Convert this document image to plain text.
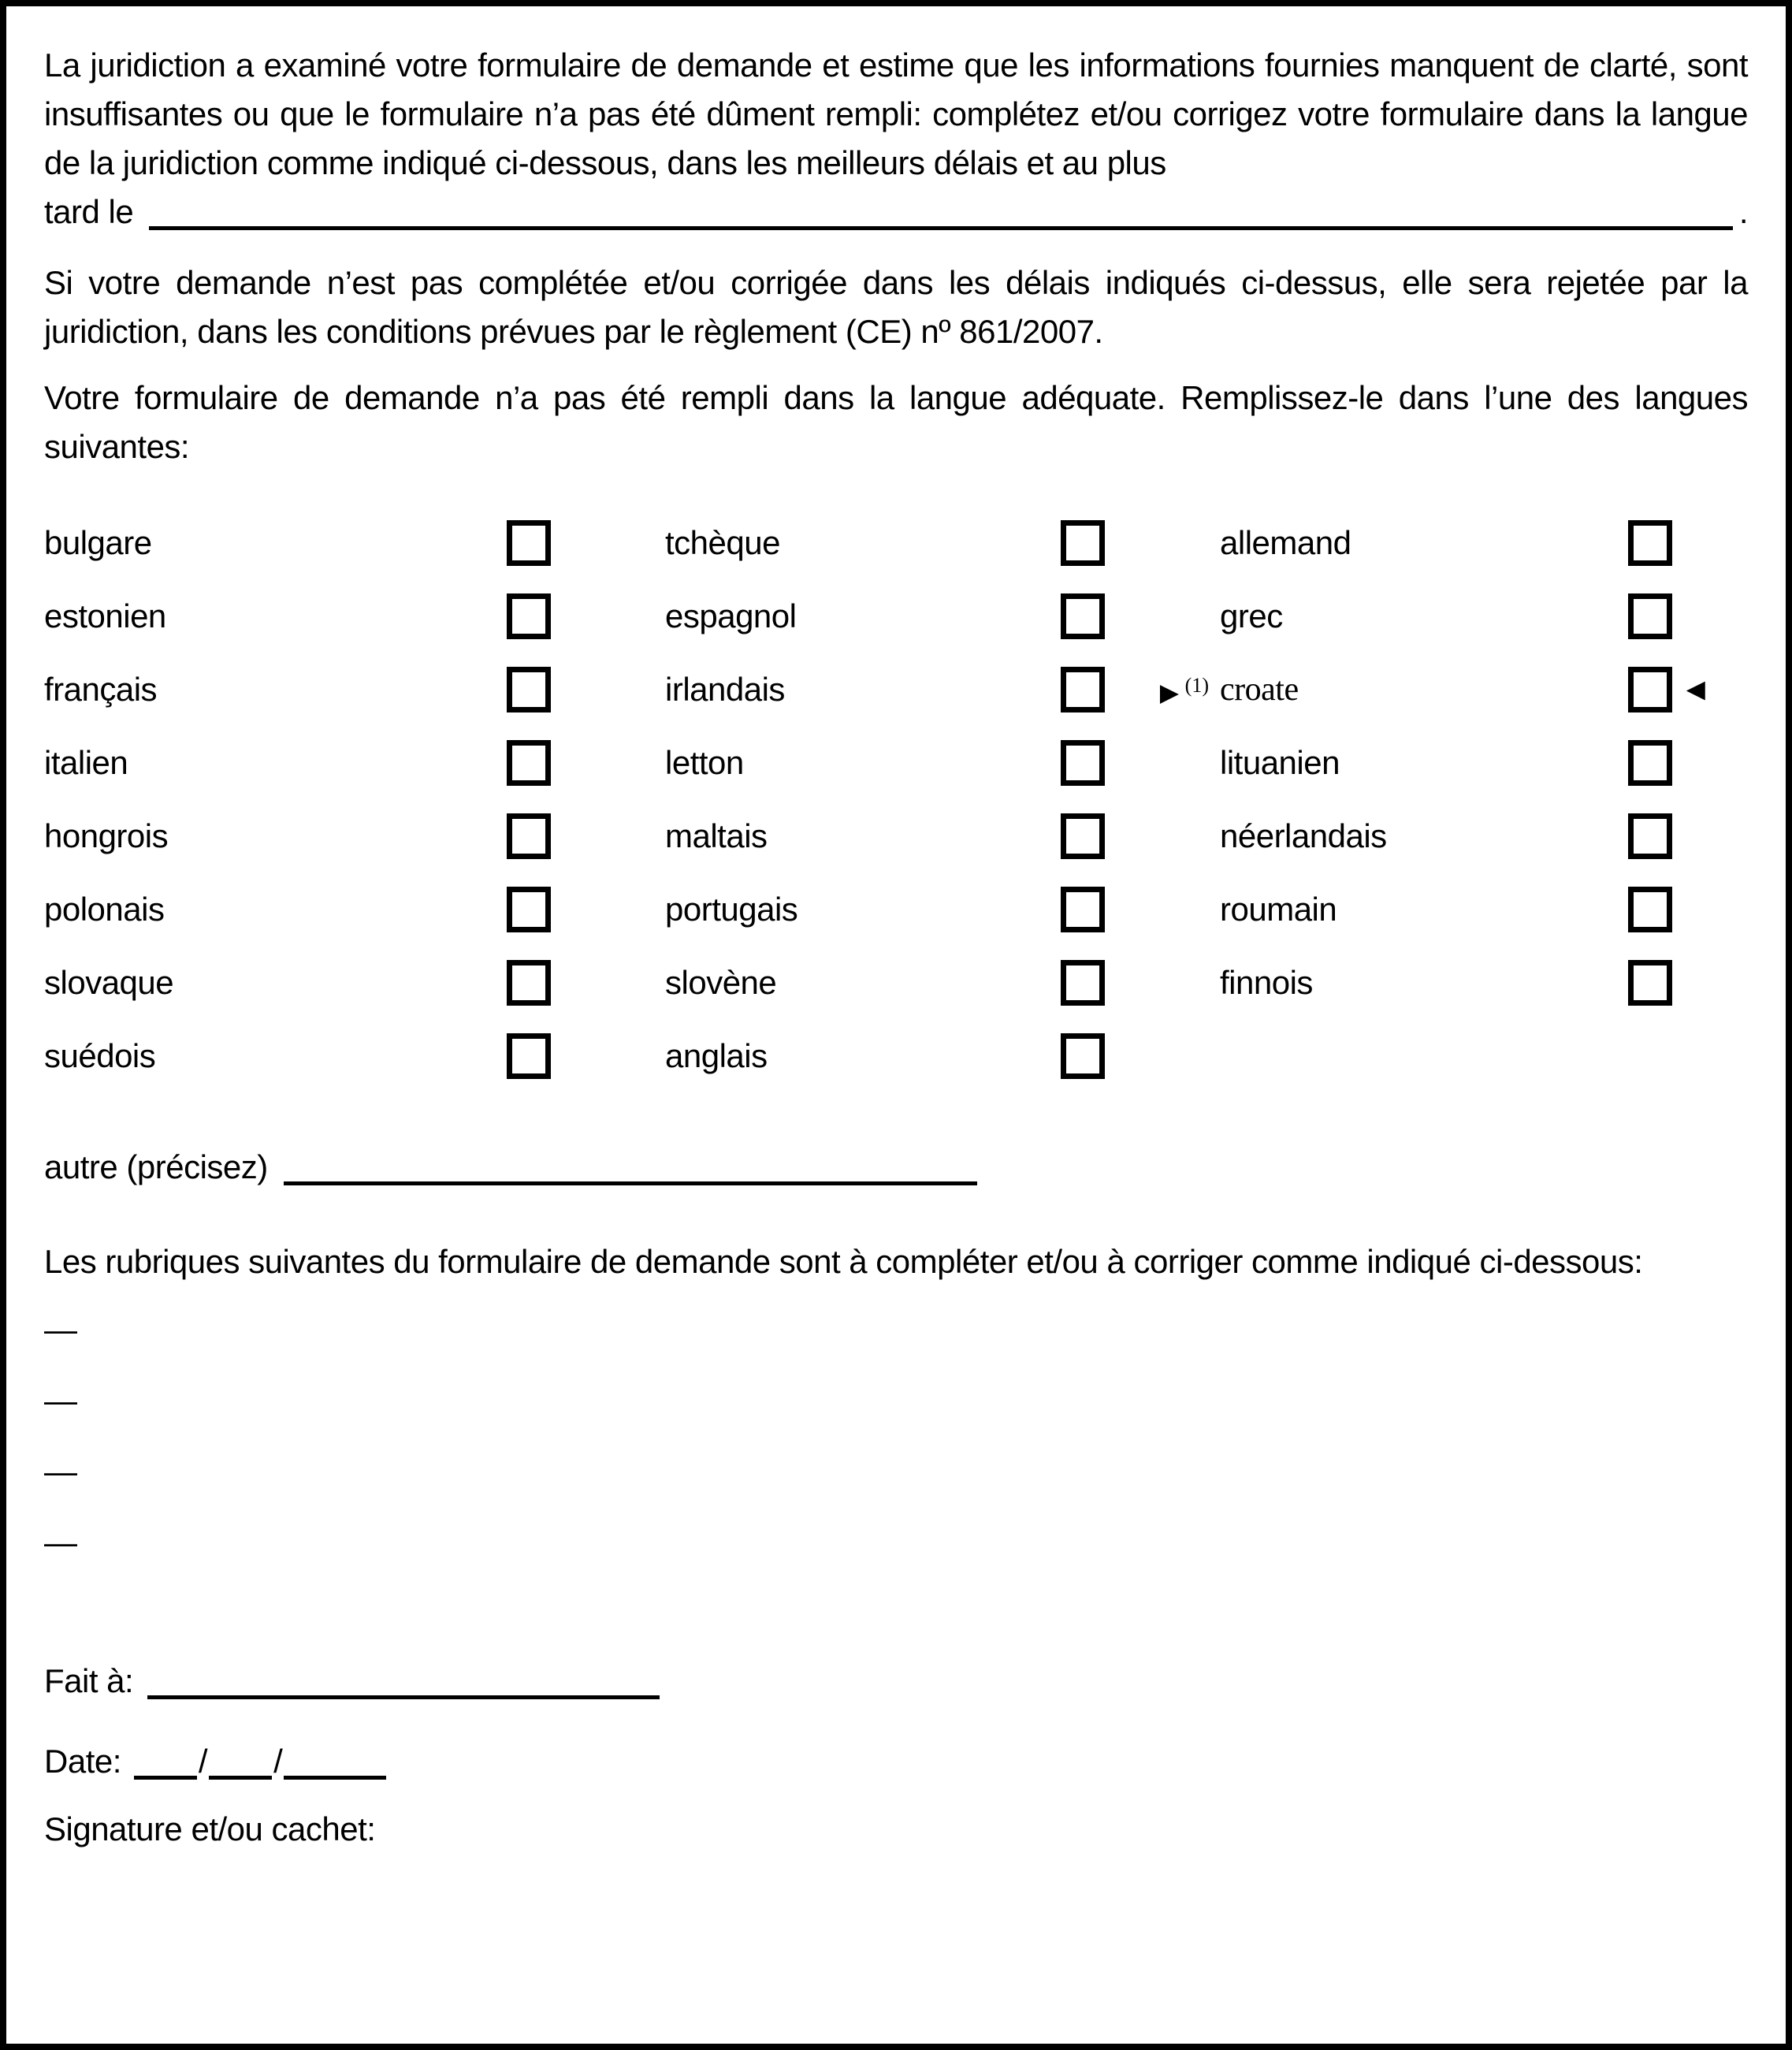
La juridiction a examiné votre formulaire de demande et estime que les informations fournies manquent de clarté, sont insuffisantes ou que le formulaire n’a pas été dûment rempli: complétez et/ou corrigez votre formulaire dans la langue de la juridiction comme indiqué ci-dessous, dans les meilleurs délais et au plus

tard le	.

Si votre demande n’est pas complétée et/ou corrigée dans les délais indiqués ci-dessus, elle sera rejetée par la juridiction, dans les conditions prévues par le règlement (CE) nº 861/2007.

Votre formulaire de demande n’a pas été rempli dans la langue adéquate. Remplissez-le dans l’une des langues suivantes:

bulgare	tchèque	allemand
estonien	espagnol	grec
français	irlandais	►$^{(1)}$ croate	◄
italien	letton	lituanien
hongrois	maltais	néerlandais
polonais	portugais	roumain
slovaque	slovène	finnois
suédois	anglais
autre (précisez)

Les rubriques suivantes du formulaire de demande sont à compléter et/ou à corriger comme indiqué ci-dessous:

—
—
—
—
Fait à:
Date: / /
Signature et/ou cachet:
